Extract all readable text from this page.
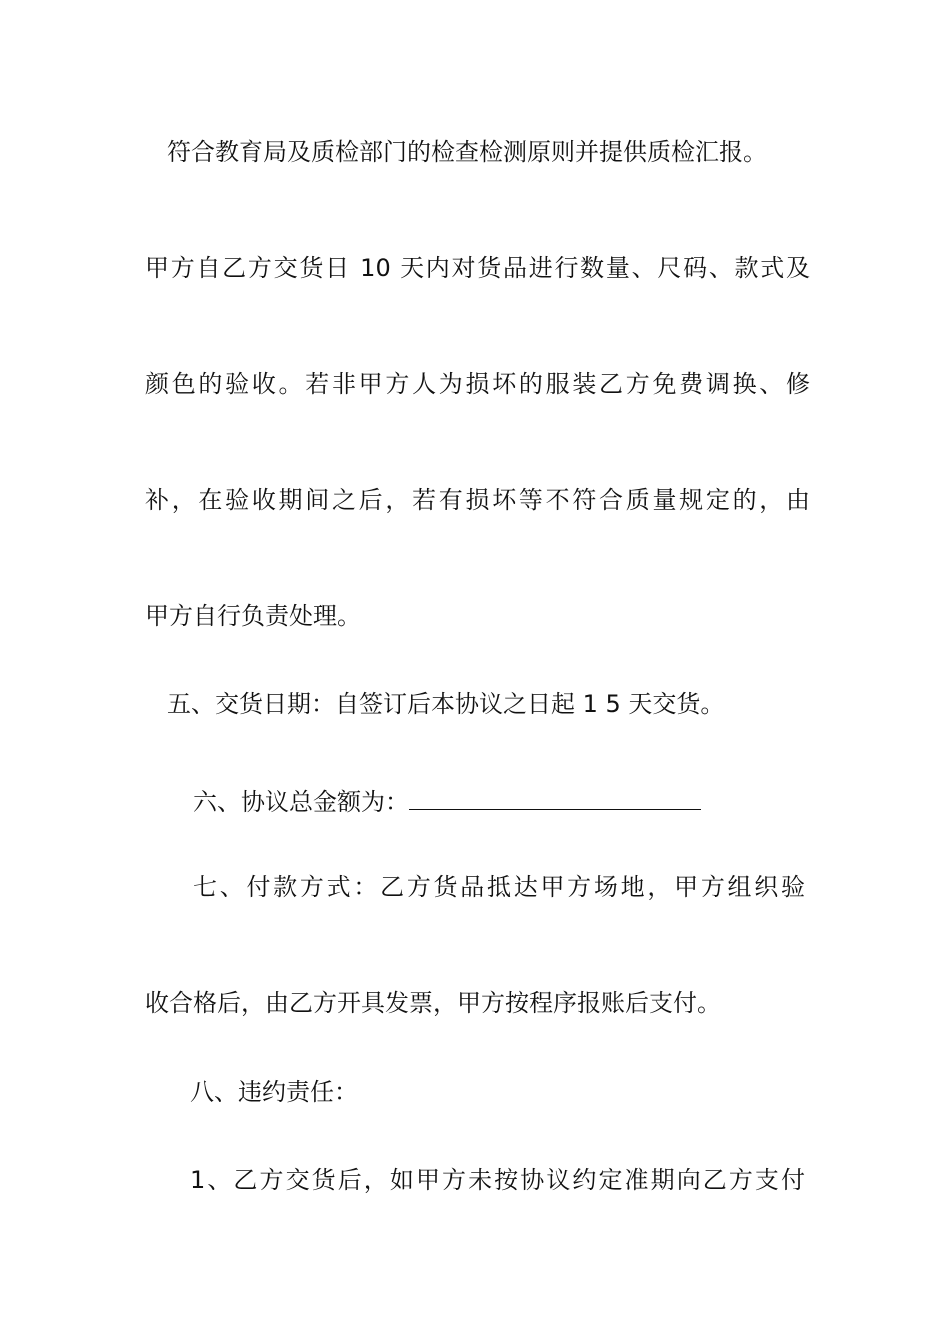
符合教育局及质检部门的检查检测原则并提供质检汇报。
甲方自乙方交货日 10 天内对货品进行数量、尺码、款式及
颜色的验收。若非甲方人为损坏的服装乙方免费调换、修
补，在验收期间之后，若有损坏等不符合质量规定的，由
甲方自行负责处理。
五、交货日期：自签订后本协议之日起 1 5 天交货。
六、协议总金额为：
七、付款方式：乙方货品抵达甲方场地，甲方组织验
收合格后，由乙方开具发票，甲方按程序报账后支付。
八、违约责任：
1、乙方交货后，如甲方未按协议约定准期向乙方支付
